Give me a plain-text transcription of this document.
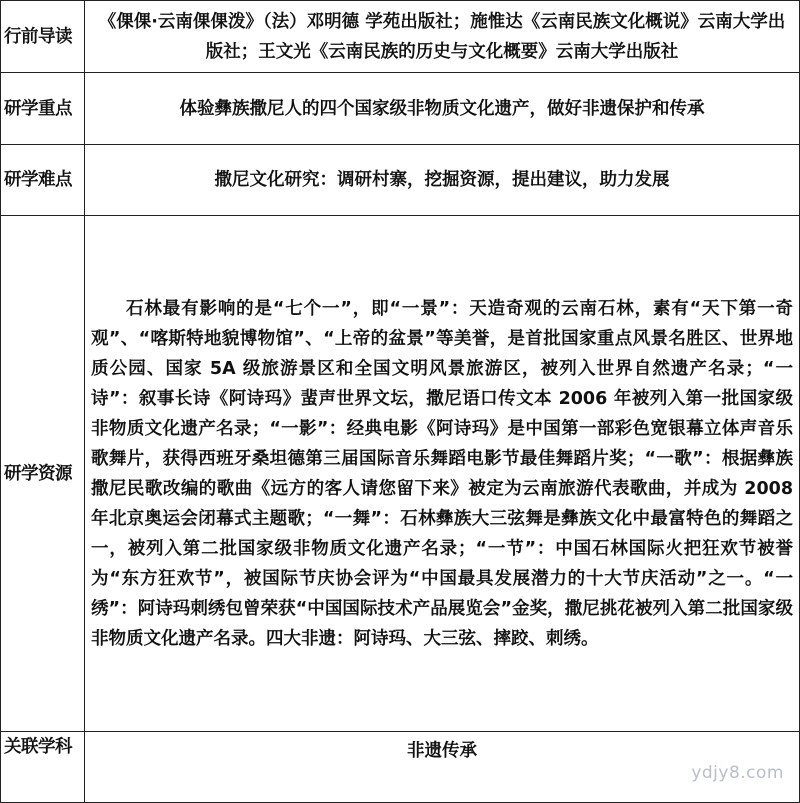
行前导读	《倮倮·云南倮倮泼》（法）邓明德 学苑出版社；施惟达《云南民族文化概说》云南大学出版社；王文光《云南民族的历史与文化概要》云南大学出版社
研学重点	体验彝族撒尼人的四个国家级非物质文化遗产，做好非遗保护和传承
研学难点	撒尼文化研究：调研村寨，挖掘资源，提出建议，助力发展
研学资源	石林最有影响的是“七个一”，即“一景”：天造奇观的云南石林，素有“天下第一奇观”、“喀斯特地貌博物馆”、“上帝的盆景”等美誉，是首批国家重点风景名胜区、世界地质公园、国家 5A 级旅游景区和全国文明风景旅游区，被列入世界自然遗产名录；“一诗”：叙事长诗《阿诗玛》蜚声世界文坛，撒尼语口传文本 2006 年被列入第一批国家级非物质文化遗产名录；“一影”：经典电影《阿诗玛》是中国第一部彩色宽银幕立体声音乐歌舞片，获得西班牙桑坦德第三届国际音乐舞蹈电影节最佳舞蹈片奖；“一歌”：根据彝族撒尼民歌改编的歌曲《远方的客人请您留下来》被定为云南旅游代表歌曲，并成为 2008 年北京奥运会闭幕式主题歌；“一舞”：石林彝族大三弦舞是彝族文化中最富特色的舞蹈之一，被列入第二批国家级非物质文化遗产名录；“一节”：中国石林国际火把狂欢节被誉为“东方狂欢节”，被国际节庆协会评为“中国最具发展潜力的十大节庆活动”之一。“一绣”：阿诗玛刺绣包曾荣获“中国国际技术产品展览会”金奖，撒尼挑花被列入第二批国家级非物质文化遗产名录。四大非遗：阿诗玛、大三弦、摔跤、刺绣。
关联学科	非遗传承
ydjy8.com
